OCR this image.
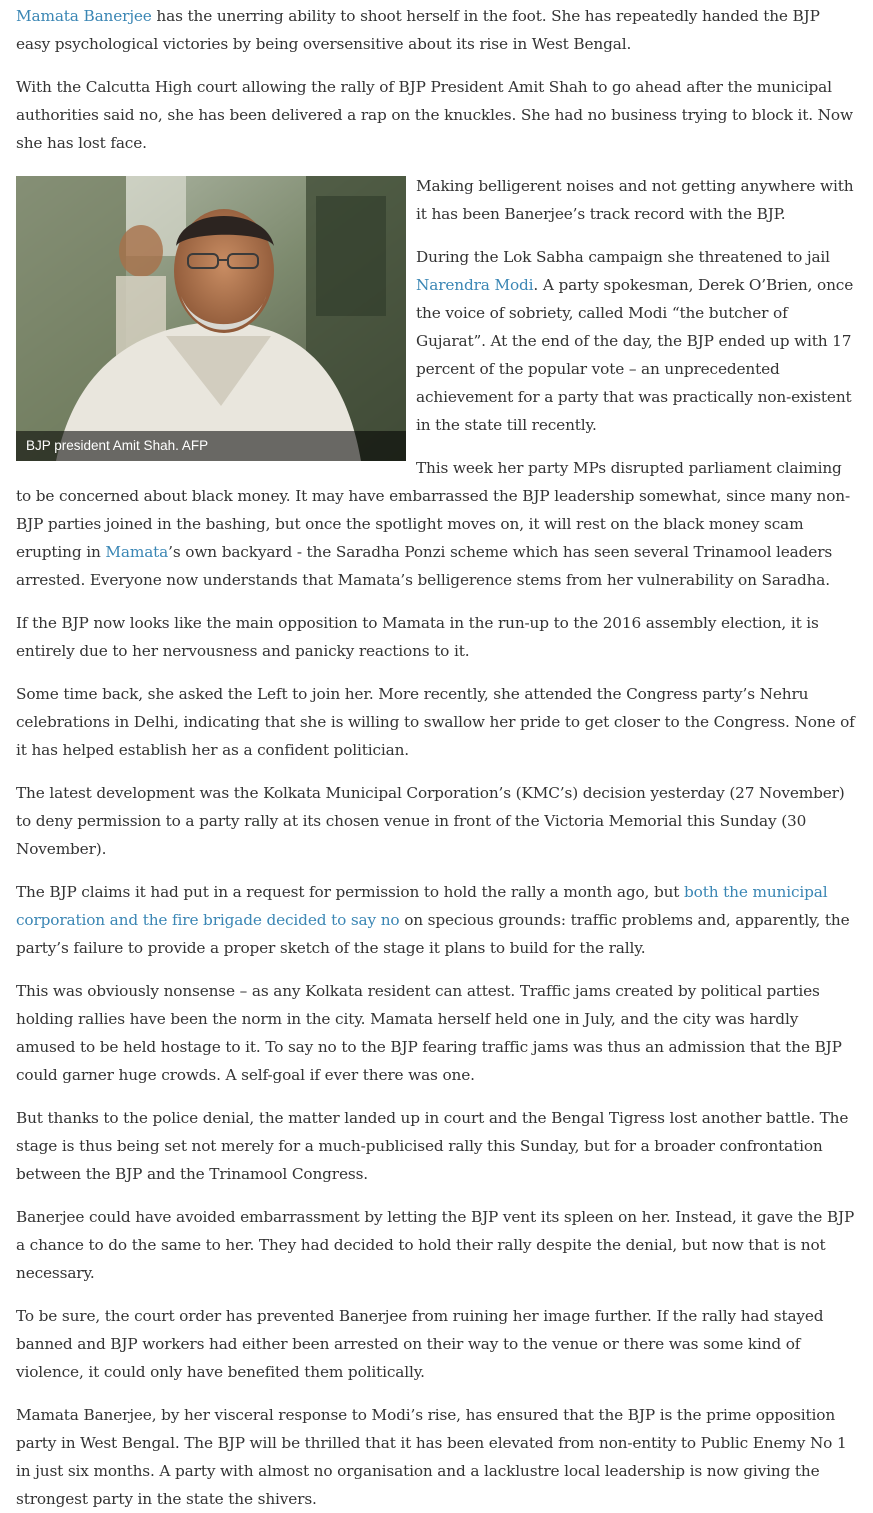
Mamata Banerjee has the unerring ability to shoot herself in the foot. She has repeatedly handed the BJP easy psychological victories by being oversensitive about its rise in West Bengal.

With the Calcutta High court allowing the rally of BJP President Amit Shah to go ahead after the municipal authorities said no, she has been delivered a rap on the knuckles. She had no business trying to block it. Now she has lost face.

BJP president Amit Shah. AFP

Making belligerent noises and not getting anywhere with it has been Banerjee’s track record with the BJP.

During the Lok Sabha campaign she threatened to jail Narendra Modi. A party spokesman, Derek O’Brien, once the voice of sobriety, called Modi “the butcher of Gujarat”. At the end of the day, the BJP ended up with 17 percent of the popular vote – an unprecedented achievement for a party that was practically non-existent in the state till recently.

This week her party MPs disrupted parliament claiming to be concerned about black money. It may have embarrassed the BJP leadership somewhat, since many non-BJP parties joined in the bashing, but once the spotlight moves on, it will rest on the black money scam erupting in Mamata’s own backyard - the Saradha Ponzi scheme which has seen several Trinamool leaders arrested. Everyone now understands that Mamata’s belligerence stems from her vulnerability on Saradha.

If the BJP now looks like the main opposition to Mamata in the run-up to the 2016 assembly election, it is entirely due to her nervousness and panicky reactions to it.

Some time back, she asked the Left to join her. More recently, she attended the Congress party’s Nehru celebrations in Delhi, indicating that she is willing to swallow her pride to get closer to the Congress. None of it has helped establish her as a confident politician.

The latest development was the Kolkata Municipal Corporation’s (KMC’s) decision yesterday (27 November) to deny permission to a party rally at its chosen venue in front of the Victoria Memorial this Sunday (30 November).

The BJP claims it had put in a request for permission to hold the rally a month ago, but both the municipal corporation and the fire brigade decided to say no on specious grounds: traffic problems and, apparently, the party’s failure to provide a proper sketch of the stage it plans to build for the rally.

This was obviously nonsense – as any Kolkata resident can attest. Traffic jams created by political parties holding rallies have been the norm in the city. Mamata herself held one in July, and the city was hardly amused to be held hostage to it. To say no to the BJP fearing traffic jams was thus an admission that the BJP could garner huge crowds. A self-goal if ever there was one.

But thanks to the police denial, the matter landed up in court and the Bengal Tigress lost another battle. The stage is thus being set not merely for a much-publicised rally this Sunday, but for a broader confrontation between the BJP and the Trinamool Congress.

Banerjee could have avoided embarrassment by letting the BJP vent its spleen on her. Instead, it gave the BJP a chance to do the same to her. They had decided to hold their rally despite the denial, but now that is not necessary.

To be sure, the court order has prevented Banerjee from ruining her image further. If the rally had stayed banned and BJP workers had either been arrested on their way to the venue or there was some kind of violence, it could only have benefited them politically.

Mamata Banerjee, by her visceral response to Modi’s rise, has ensured that the BJP is the prime opposition party in West Bengal. The BJP will be thrilled that it has been elevated from non-entity to Public Enemy No 1 in just six months. A party with almost no organisation and a lacklustre local leadership is now giving the strongest party in the state the shivers.
